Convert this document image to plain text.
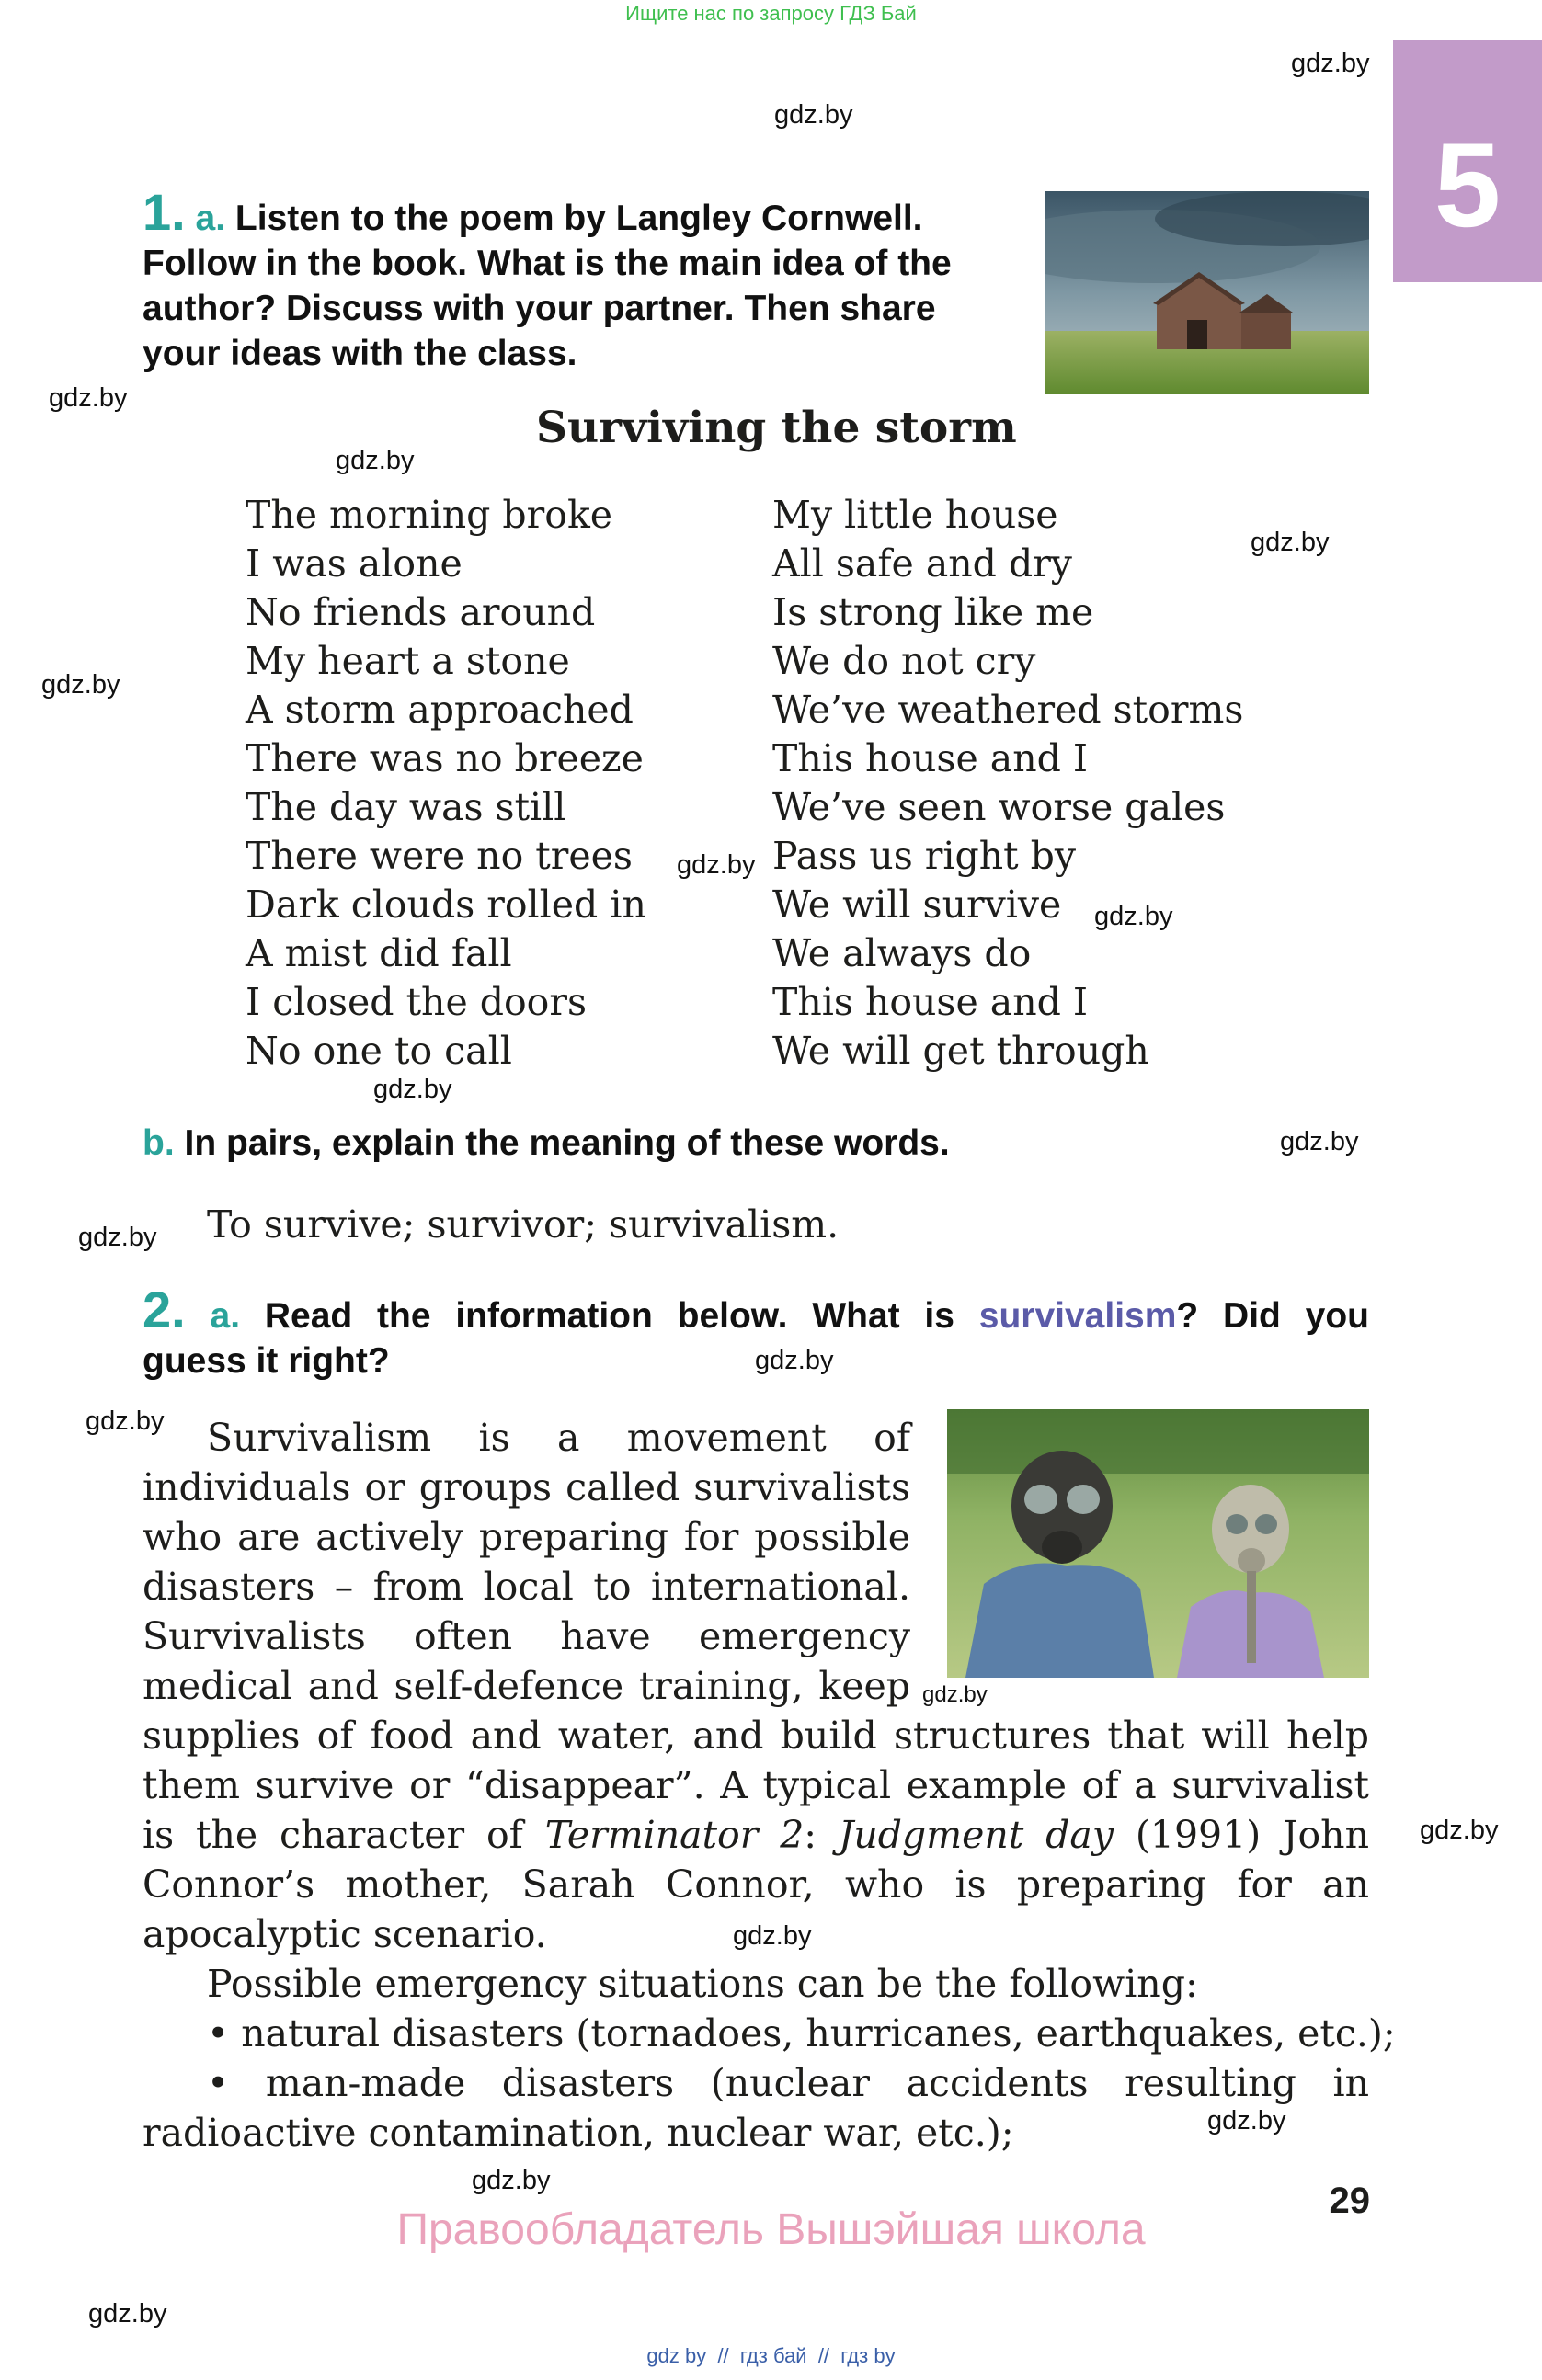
Ищите нас по запросу ГДЗ Бай
5
gdz.by
gdz.by
gdz.by
gdz.by
gdz.by
gdz.by
gdz.by
gdz.by
gdz.by
gdz.by
gdz.by
gdz.by
gdz.by
gdz.by
gdz.by
gdz.by
gdz.by
gdz.by
gdz.by
1. a. Listen to the poem by Langley Cornwell.
Follow in the book. What is the main idea of the
author? Discuss with your partner. Then share
your ideas with the class.
Surviving the storm
The morning broke
I was alone
No friends around
My heart a stone
A storm approached
There was no breeze
The day was still
There were no trees
Dark clouds rolled in
A mist did fall
I closed the doors
No one to call
My little house
All safe and dry
Is strong like me
We do not cry
We’ve weathered storms
This house and I
We’ve seen worse gales
Pass us right by
We will survive
We always do
This house and I
We will get through
b. In pairs, explain the meaning of these words.
To survive; survivor; survivalism.
2. a. Read the information below. What is survivalism? Did you
guess it right?
Survivalism is a movement of
individuals or groups called survivalists
who are actively preparing for possible
disasters – from local to international.
Survivalists often have emergency
medical and self-defence training, keep
supplies of food and water, and build structures that will help
them survive or “disappear”. A typical example of a survivalist
is the character of Terminator 2: Judgment day (1991) John
Connor’s mother, Sarah Connor, who is preparing for an
apocalyptic scenario.
Possible emergency situations can be the following:
• natural disasters (tornadoes, hurricanes, earthquakes, etc.);
• man-made disasters (nuclear accidents resulting in
radioactive contamination, nuclear war, etc.);
29
Правообладатель Вышэйшая школа
gdz by  //  гдз бай  //  гдз by
